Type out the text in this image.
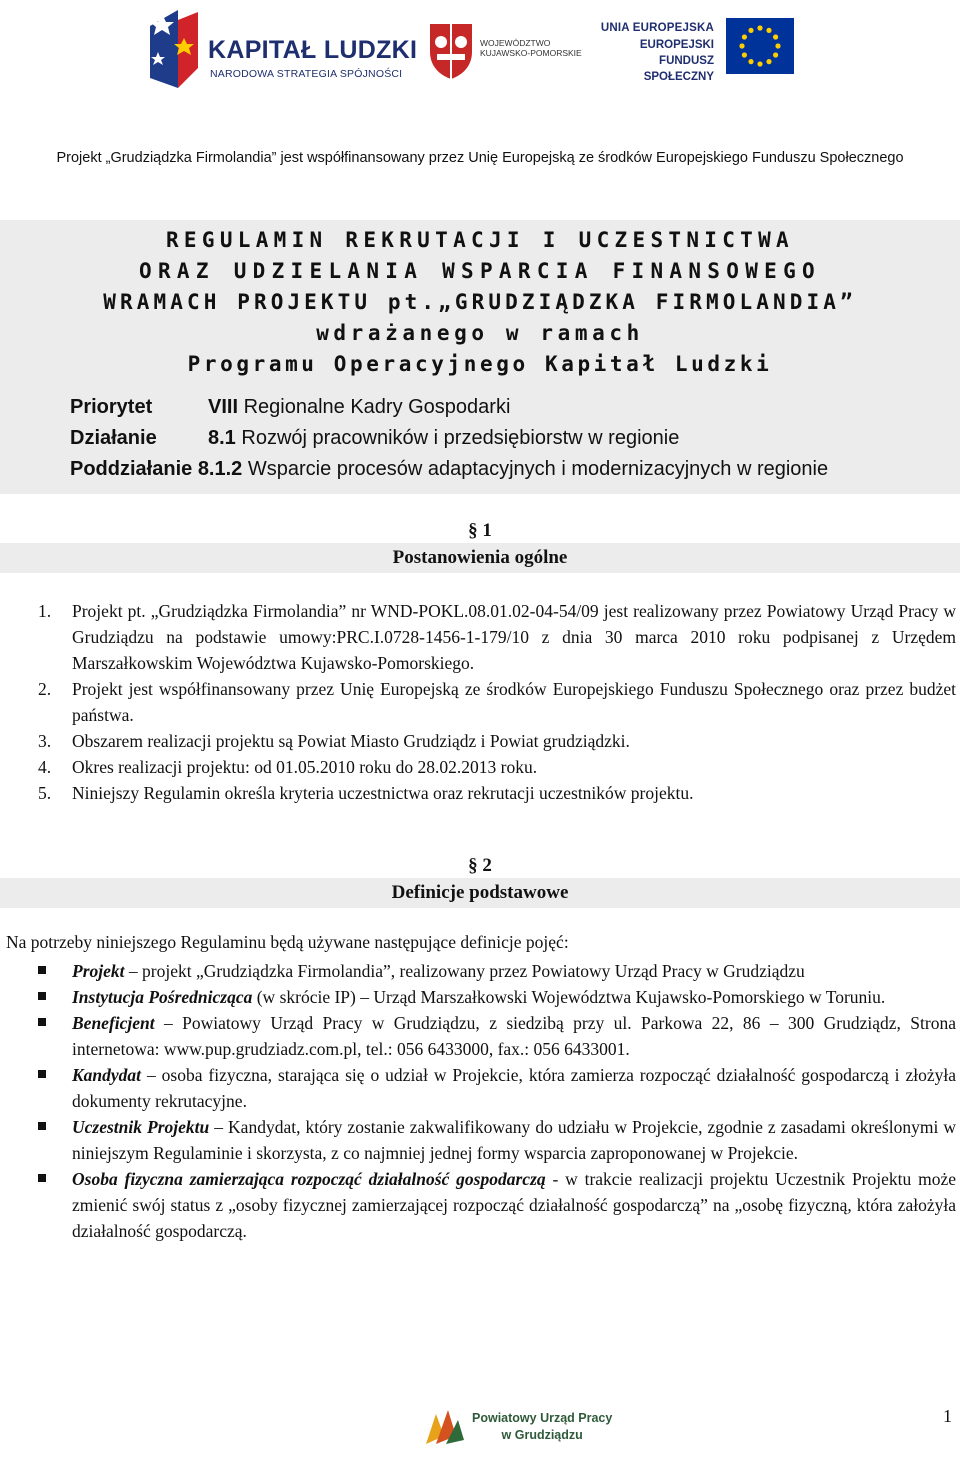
KAPITAŁ LUDZKI
NARODOWA STRATEGIA SPÓJNOŚCI
WOJEWÓDZTWO
KUJAWSKO-POMORSKIE
UNIA EUROPEJSKA
EUROPEJSKI
FUNDUSZ SPOŁECZNY
Projekt „Grudziądzka Firmolandia” jest współfinansowany przez Unię Europejską ze środków Europejskiego Funduszu Społecznego
REGULAMIN REKRUTACJI I UCZESTNICTWA
ORAZ UDZIELANIA WSPARCIA FINANSOWEGO
WRAMACH PROJEKTU pt.„GRUDZIĄDZKA FIRMOLANDIA”
wdrażanego w ramach
Programu Operacyjnego Kapitał Ludzki
Priorytet	VIII Regionalne Kadry Gospodarki
Działanie	8.1 Rozwój pracowników i przedsiębiorstw w regionie
Poddziałanie 8.1.2 Wsparcie procesów adaptacyjnych i modernizacyjnych w regionie
§ 1
Postanowienia ogólne
1. Projekt pt. „Grudziądzka Firmolandia” nr WND-POKL.08.01.02-04-54/09 jest realizowany przez Powiatowy Urząd Pracy w Grudziądzu na podstawie umowy:PRC.I.0728-1456-1-179/10 z dnia 30 marca 2010 roku podpisanej z Urzędem Marszałkowskim Województwa Kujawsko-Pomorskiego.
2. Projekt jest współfinansowany przez Unię Europejską ze środków Europejskiego Funduszu Społecznego oraz przez budżet państwa.
3. Obszarem realizacji projektu są Powiat Miasto Grudziądz i Powiat grudziądzki.
4. Okres realizacji projektu: od 01.05.2010 roku do 28.02.2013 roku.
5. Niniejszy Regulamin określa kryteria uczestnictwa oraz rekrutacji uczestników projektu.
§ 2
Definicje podstawowe
Na potrzeby niniejszego Regulaminu będą używane następujące definicje pojęć:
Projekt – projekt „Grudziądzka Firmolandia”, realizowany przez Powiatowy Urząd Pracy w Grudziądzu
Instytucja Pośrednicząca (w skrócie IP) – Urząd Marszałkowski Województwa Kujawsko-Pomorskiego w Toruniu.
Beneficjent – Powiatowy Urząd Pracy w Grudziądzu, z siedzibą przy ul. Parkowa 22, 86 – 300 Grudziądz, Strona internetowa: www.pup.grudziadz.com.pl, tel.: 056 6433000, fax.: 056 6433001.
Kandydat – osoba fizyczna, starająca się o udział w Projekcie, która zamierza rozpocząć działalność gospodarczą i złożyła dokumenty rekrutacyjne.
Uczestnik Projektu – Kandydat, który zostanie zakwalifikowany do udziału w Projekcie, zgodnie z zasadami określonymi w niniejszym Regulaminie i skorzysta, z co najmniej jednej formy wsparcia zaproponowanej w Projekcie.
Osoba fizyczna zamierzająca rozpocząć działalność gospodarczą - w trakcie realizacji projektu Uczestnik Projektu może zmienić swój status z „osoby fizycznej zamierzającej rozpocząć działalność gospodarczą” na „osobę fizyczną, która założyła działalność gospodarczą.
Powiatowy Urząd Pracy
w Grudziądzu
1
